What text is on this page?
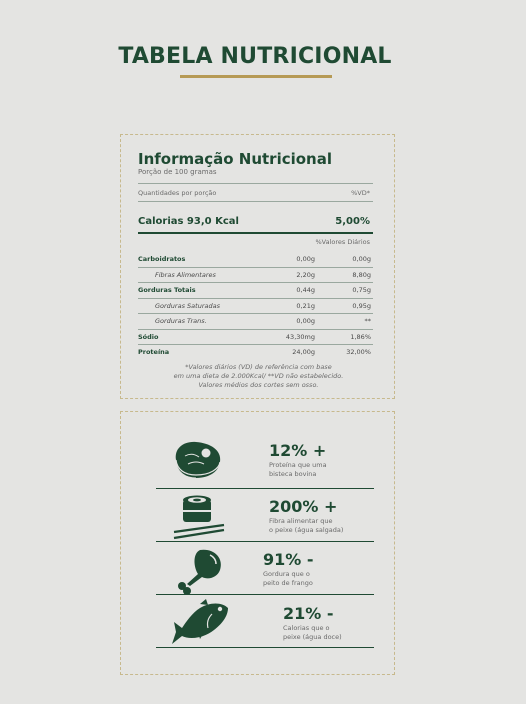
TABELA NUTRICIONAL
Informação Nutricional
Porção de 100 gramas
Quantidades por porção	%VD*
Calorias 93,0 Kcal	5,00%
%Valores Diários
Carboidratos	0,00g	0,00g
Fibras Alimentares	2,20g	8,80g
Gorduras Totais	0,44g	0,75g
Gorduras Saturadas	0,21g	0,95g
Gorduras Trans.	0,00g	**
Sódio	43,30mg	1,86%
Proteína	24,00g	32,00%
*Valores diários (VD) de referência com base
em uma dieta de 2.000Kcal/ **VD não estabelecido.
Valores médios dos cortes sem osso.
12% +
Proteína que uma
bisteca bovina
200% +
Fibra alimentar que
o peixe (água salgada)
91% -
Gordura que o
peito de frango
21% -
Calorias que o
peixe (água doce)
